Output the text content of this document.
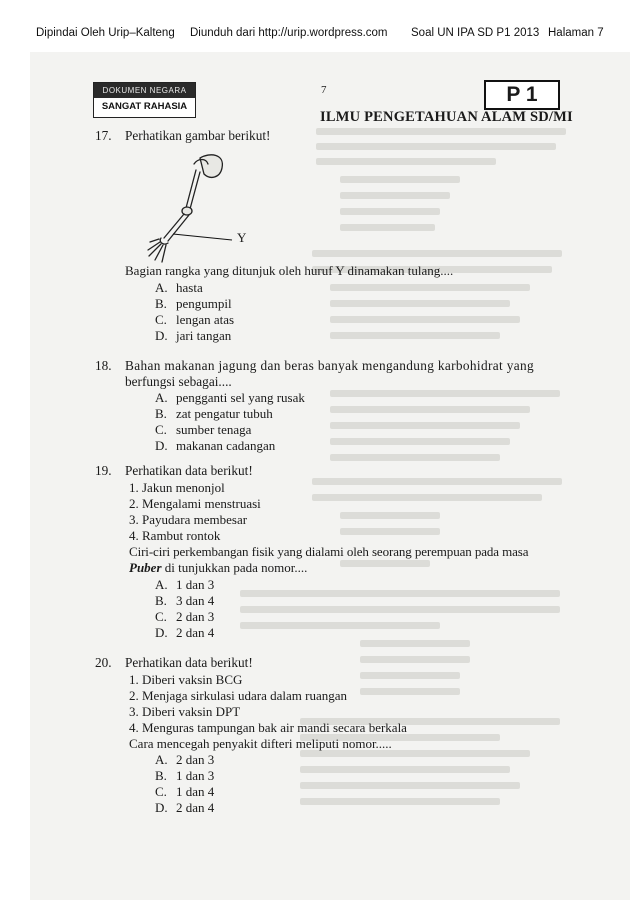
Dipindai Oleh Urip–Kalteng Diunduh dari http://urip.wordpress.com Soal UN IPA SD P1 2013 Halaman 7
DOKUMEN NEGARA
SANGAT RAHASIA
7	P 1
ILMU PENGETAHUAN ALAM SD/MI
17. Perhatikan gambar berikut!
Y
Bagian rangka yang ditunjuk oleh huruf Y dinamakan tulang....
A. hasta
B. pengumpil
C. lengan atas
D. jari tangan
18. Bahan makanan jagung dan beras banyak mengandung karbohidrat yang
berfungsi sebagai....
A. pengganti sel yang rusak
B. zat pengatur tubuh
C. sumber tenaga
D. makanan cadangan
19. Perhatikan data berikut!
1. Jakun menonjol
2. Mengalami menstruasi
3. Payudara membesar
4. Rambut rontok
Ciri-ciri perkembangan fisik yang dialami oleh seorang perempuan pada masa
Puber di tunjukkan pada nomor....
A. 1 dan 3
B. 3 dan 4
C. 2 dan 3
D. 2 dan 4
20. Perhatikan data berikut!
1. Diberi vaksin BCG
2. Menjaga sirkulasi udara dalam ruangan
3. Diberi vaksin DPT
4. Menguras tampungan bak air mandi secara berkala
Cara mencegah penyakit difteri meliputi nomor.....
A. 2 dan 3
B. 1 dan 3
C. 1 dan 4
D. 2 dan 4
